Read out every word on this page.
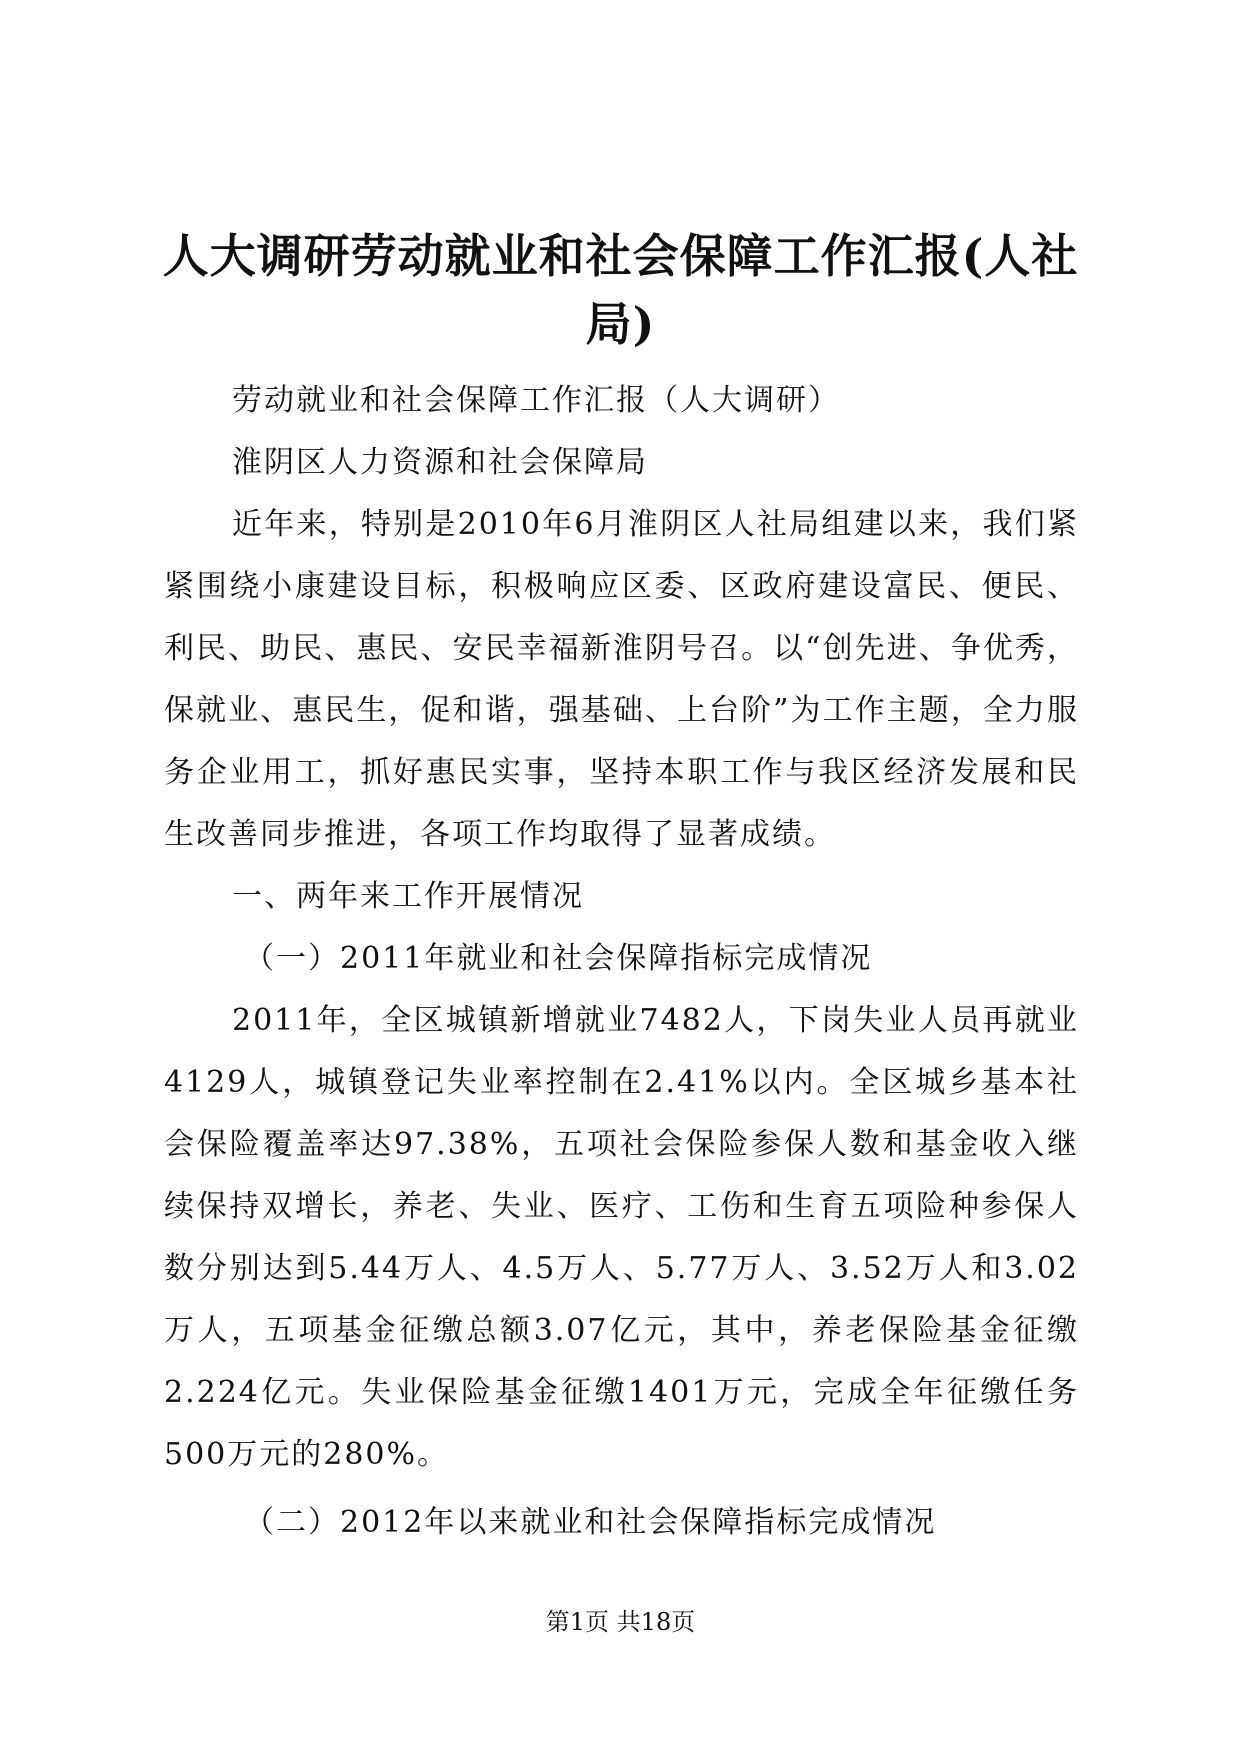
人大调研劳动就业和社会保障工作汇报(人社局)

劳动就业和社会保障工作汇报（人大调研）

淮阴区人力资源和社会保障局

近年来，特别是2010年6月淮阴区人社局组建以来，我们紧紧围绕小康建设目标，积极响应区委、区政府建设富民、便民、利民、助民、惠民、安民幸福新淮阴号召。以“创先进、争优秀，保就业、惠民生，促和谐，强基础、上台阶”为工作主题，全力服务企业用工，抓好惠民实事，坚持本职工作与我区经济发展和民生改善同步推进，各项工作均取得了显著成绩。

一、两年来工作开展情况

（一）2011年就业和社会保障指标完成情况

2011年，全区城镇新增就业7482人，下岗失业人员再就业4129人，城镇登记失业率控制在2.41%以内。全区城乡基本社会保险覆盖率达97.38%，五项社会保险参保人数和基金收入继续保持双增长，养老、失业、医疗、工伤和生育五项险种参保人数分别达到5.44万人、4.5万人、5.77万人、3.52万人和3.02万人，五项基金征缴总额3.07亿元，其中，养老保险基金征缴2.224亿元。失业保险基金征缴1401万元，完成全年征缴任务500万元的280%。

（二）2012年以来就业和社会保障指标完成情况

第1页 共18页
